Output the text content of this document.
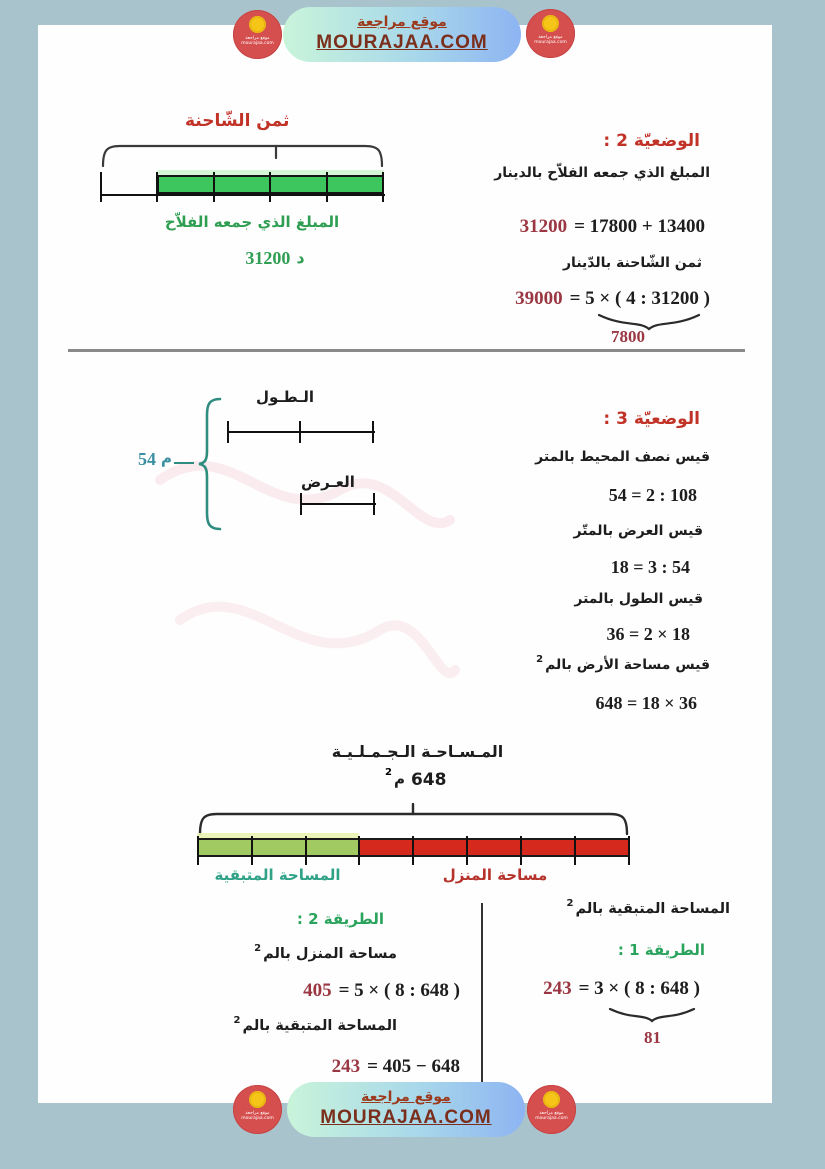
موقع مراجعة
mourajaa.com
موقع مراجعة
MOURAJAA.COM	موقع مراجعة
mourajaa.com
ثمن الشّاحنة
المبلغ الذي جمعه الفلاّح
31200 د
الوضعيّة 2 :
المبلغ الذي جمعه الفلاّح بالدينار
31200 = 17800 + 13400
ثمن الشّاحنة بالدّينار
39000 = 5 × ( 4 : 31200 )
7800
الـطـول
العـرض
54 م
الوضعيّة 3 :
قيس نصف المحيط بالمتر
54 = 2 : 108
قيس العرض بالمتّر
18 = 3 : 54
قيس الطول بالمتر
36 = 2 × 18
2 قيس مساحة الأرض بالم
648 = 18 × 36
المـسـاحـة الـجـمـلـيـة
2 م 648
المساحة المتبقية	مساحة المنزل
2 المساحة المتبقية بالم
الطريقة 1 :
243 = 3 × ( 8 : 648 )
81
الطريقة 2 :
2 مساحة المنزل بالم
405 = 5 × ( 8 : 648 )
2 المساحة المتبقية بالم
243 = 405 − 648
موقع مراجعة
mourajaa.com
موقع مراجعة
MOURAJAA.COM	موقع مراجعة
mourajaa.com
